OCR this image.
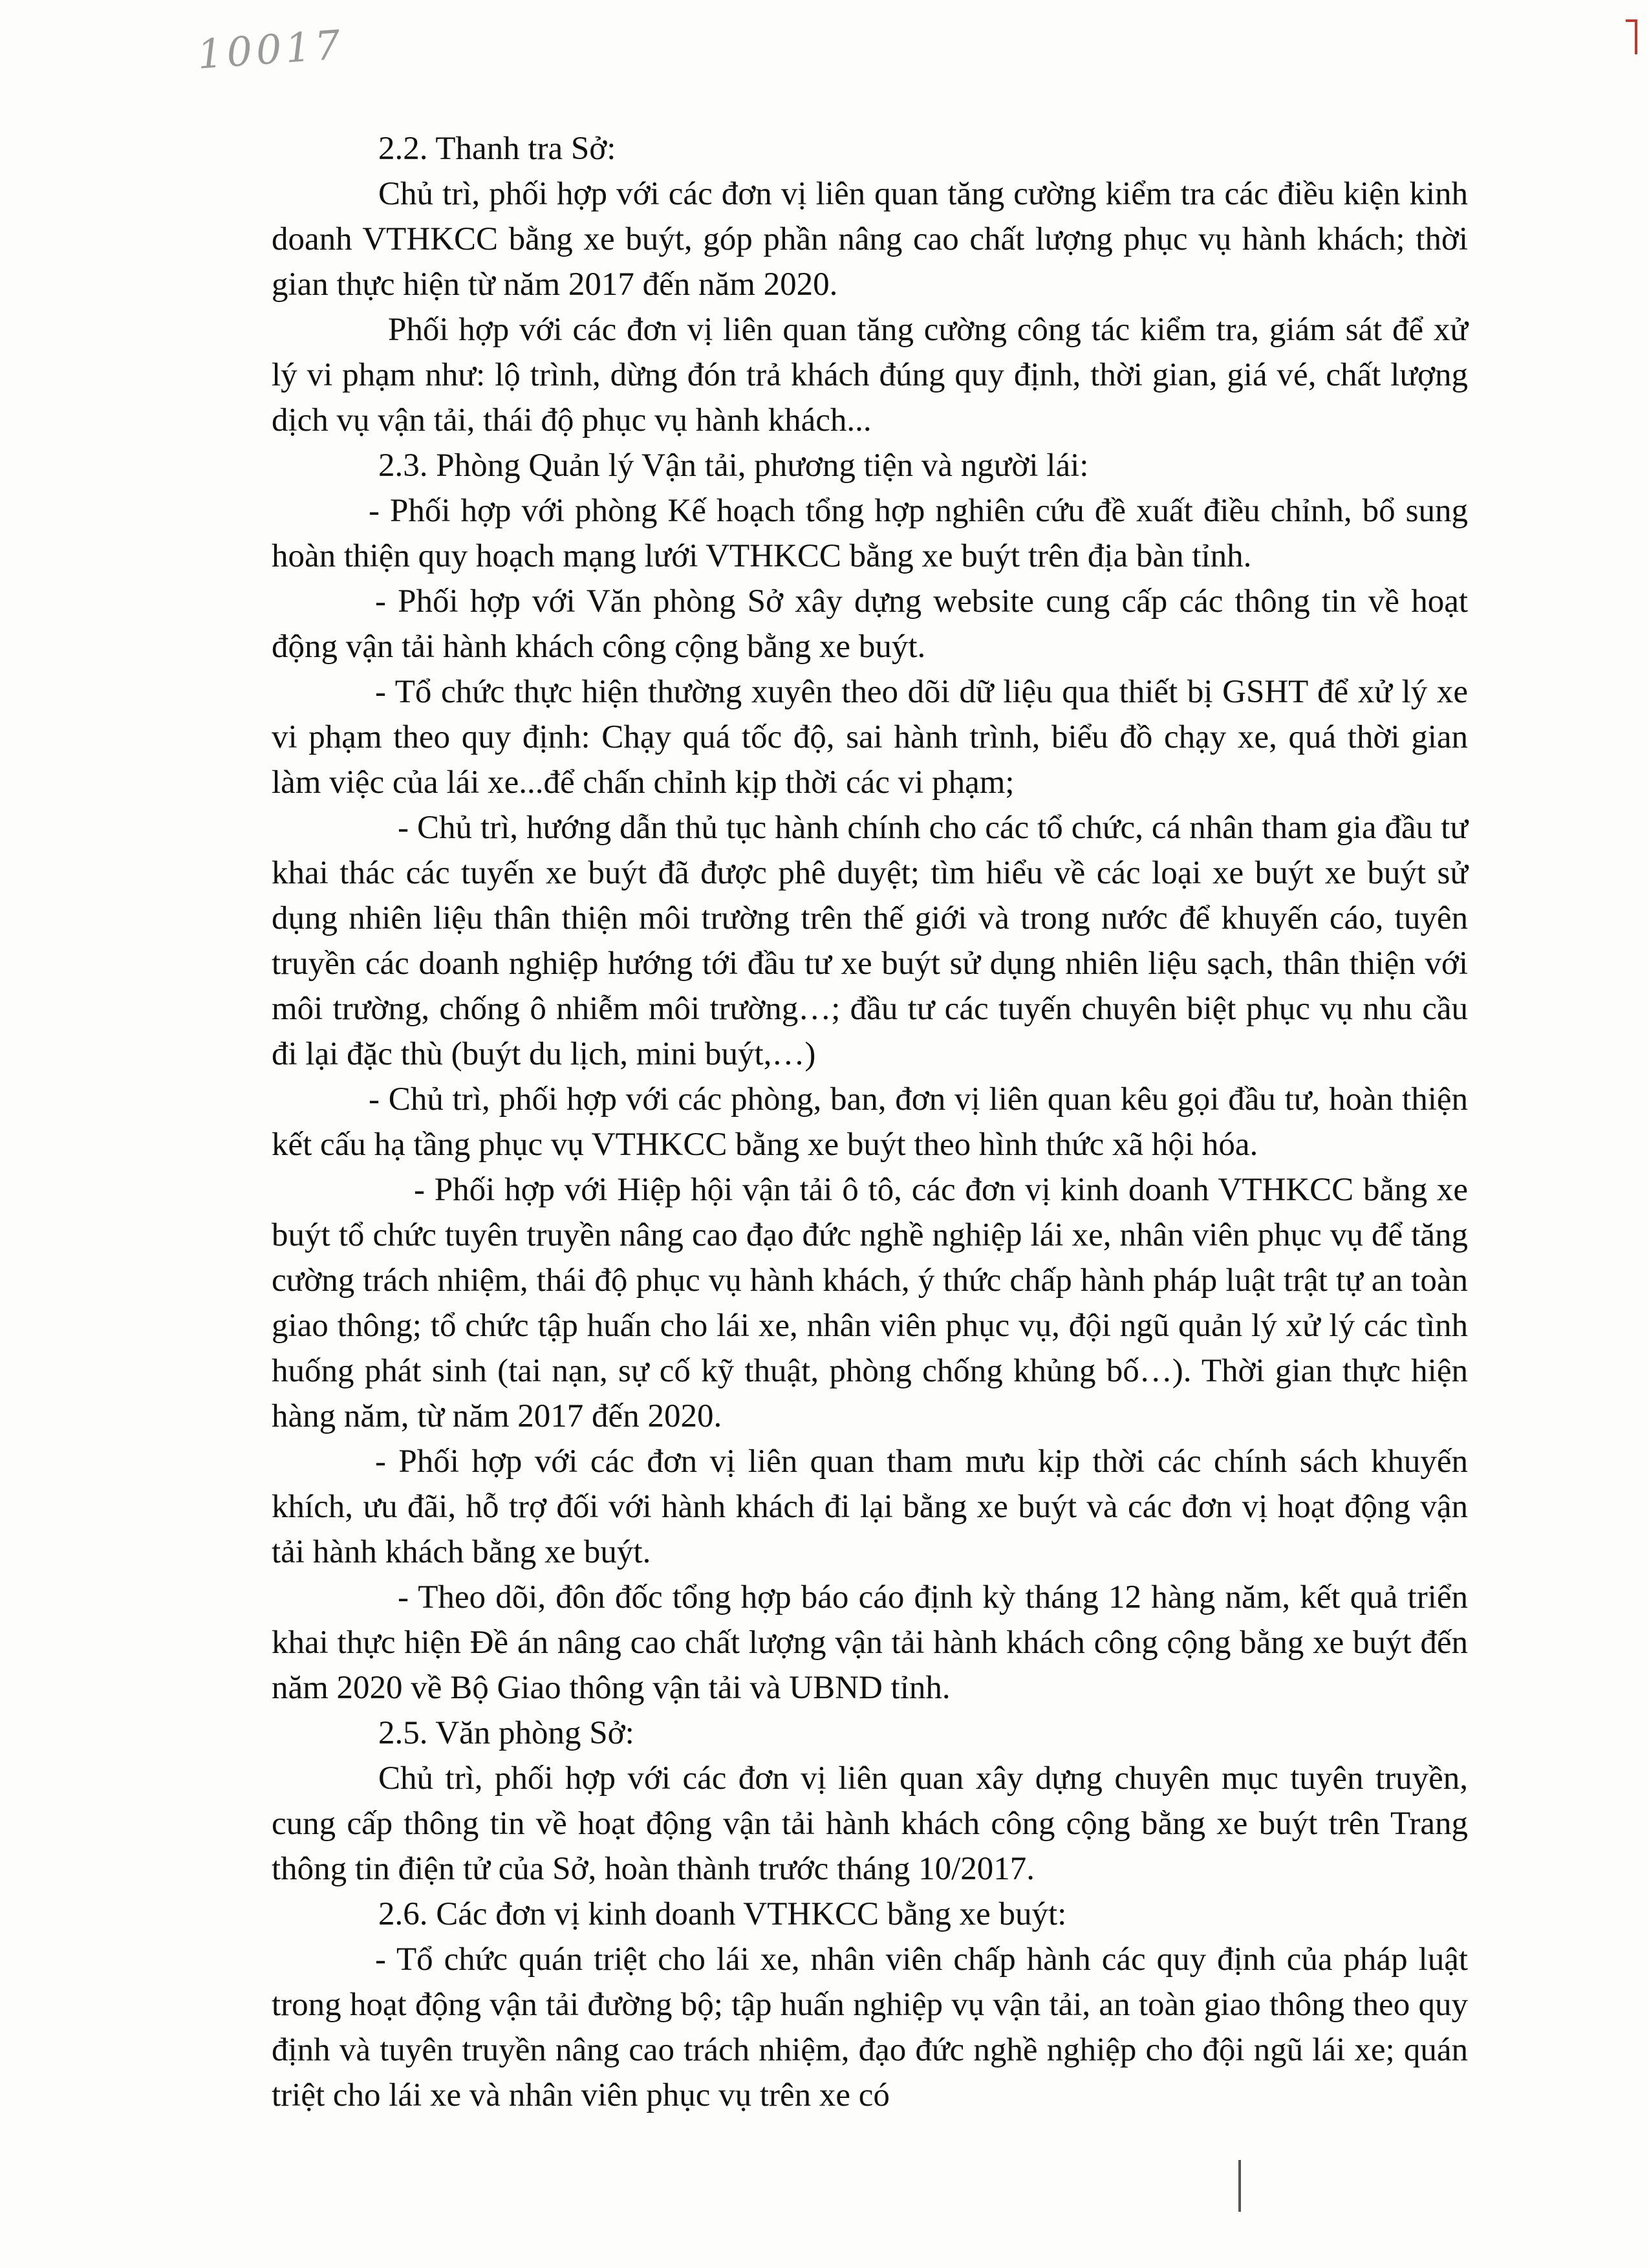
10017

2.2. Thanh tra Sở:

Chủ trì, phối hợp với các đơn vị liên quan tăng cường kiểm tra các điều kiện kinh doanh VTHKCC bằng xe buýt, góp phần nâng cao chất lượng phục vụ hành khách; thời gian thực hiện từ năm 2017 đến năm 2020.

Phối hợp với các đơn vị liên quan tăng cường công tác kiểm tra, giám sát để xử lý vi phạm như: lộ trình, dừng đón trả khách đúng quy định, thời gian, giá vé, chất lượng dịch vụ vận tải, thái độ phục vụ hành khách...

2.3. Phòng Quản lý Vận tải, phương tiện và người lái:

- Phối hợp với phòng Kế hoạch tổng hợp nghiên cứu đề xuất điều chỉnh, bổ sung hoàn thiện quy hoạch mạng lưới VTHKCC bằng xe buýt trên địa bàn tỉnh.

- Phối hợp với Văn phòng Sở xây dựng website cung cấp các thông tin về hoạt động vận tải hành khách công cộng bằng xe buýt.

- Tổ chức thực hiện thường xuyên theo dõi dữ liệu qua thiết bị GSHT để xử lý xe vi phạm theo quy định: Chạy quá tốc độ, sai hành trình, biểu đồ chạy xe, quá thời gian làm việc của lái xe...để chấn chỉnh kịp thời các vi phạm;

- Chủ trì, hướng dẫn thủ tục hành chính cho các tổ chức, cá nhân tham gia đầu tư khai thác các tuyến xe buýt đã được phê duyệt; tìm hiểu về các loại xe buýt xe buýt sử dụng nhiên liệu thân thiện môi trường trên thế giới và trong nước để khuyến cáo, tuyên truyền các doanh nghiệp hướng tới đầu tư xe buýt sử dụng nhiên liệu sạch, thân thiện với môi trường, chống ô nhiễm môi trường…; đầu tư các tuyến chuyên biệt phục vụ nhu cầu đi lại đặc thù (buýt du lịch, mini buýt,…)

- Chủ trì, phối hợp với các phòng, ban, đơn vị liên quan kêu gọi đầu tư, hoàn thiện kết cấu hạ tầng phục vụ VTHKCC bằng xe buýt theo hình thức xã hội hóa.

- Phối hợp với Hiệp hội vận tải ô tô, các đơn vị kinh doanh VTHKCC bằng xe buýt tổ chức tuyên truyền nâng cao đạo đức nghề nghiệp lái xe, nhân viên phục vụ để tăng cường trách nhiệm, thái độ phục vụ hành khách, ý thức chấp hành pháp luật trật tự an toàn giao thông; tổ chức tập huấn cho lái xe, nhân viên phục vụ, đội ngũ quản lý xử lý các tình huống phát sinh (tai nạn, sự cố kỹ thuật, phòng chống khủng bố…). Thời gian thực hiện hàng năm, từ năm 2017 đến 2020.

- Phối hợp với các đơn vị liên quan tham mưu kịp thời các chính sách khuyến khích, ưu đãi, hỗ trợ đối với hành khách đi lại bằng xe buýt và các đơn vị hoạt động vận tải hành khách bằng xe buýt.

- Theo dõi, đôn đốc tổng hợp báo cáo định kỳ tháng 12 hàng năm, kết quả triển khai thực hiện Đề án nâng cao chất lượng vận tải hành khách công cộng bằng xe buýt đến năm 2020 về Bộ Giao thông vận tải và UBND tỉnh.

2.5. Văn phòng Sở:

Chủ trì, phối hợp với các đơn vị liên quan xây dựng chuyên mục tuyên truyền, cung cấp thông tin về hoạt động vận tải hành khách công cộng bằng xe buýt trên Trang thông tin điện tử của Sở, hoàn thành trước tháng 10/2017.

2.6. Các đơn vị kinh doanh VTHKCC bằng xe buýt:

- Tổ chức quán triệt cho lái xe, nhân viên chấp hành các quy định của pháp luật trong hoạt động vận tải đường bộ; tập huấn nghiệp vụ vận tải, an toàn giao thông theo quy định và tuyên truyền nâng cao trách nhiệm, đạo đức nghề nghiệp cho đội ngũ lái xe; quán triệt cho lái xe và nhân viên phục vụ trên xe có
